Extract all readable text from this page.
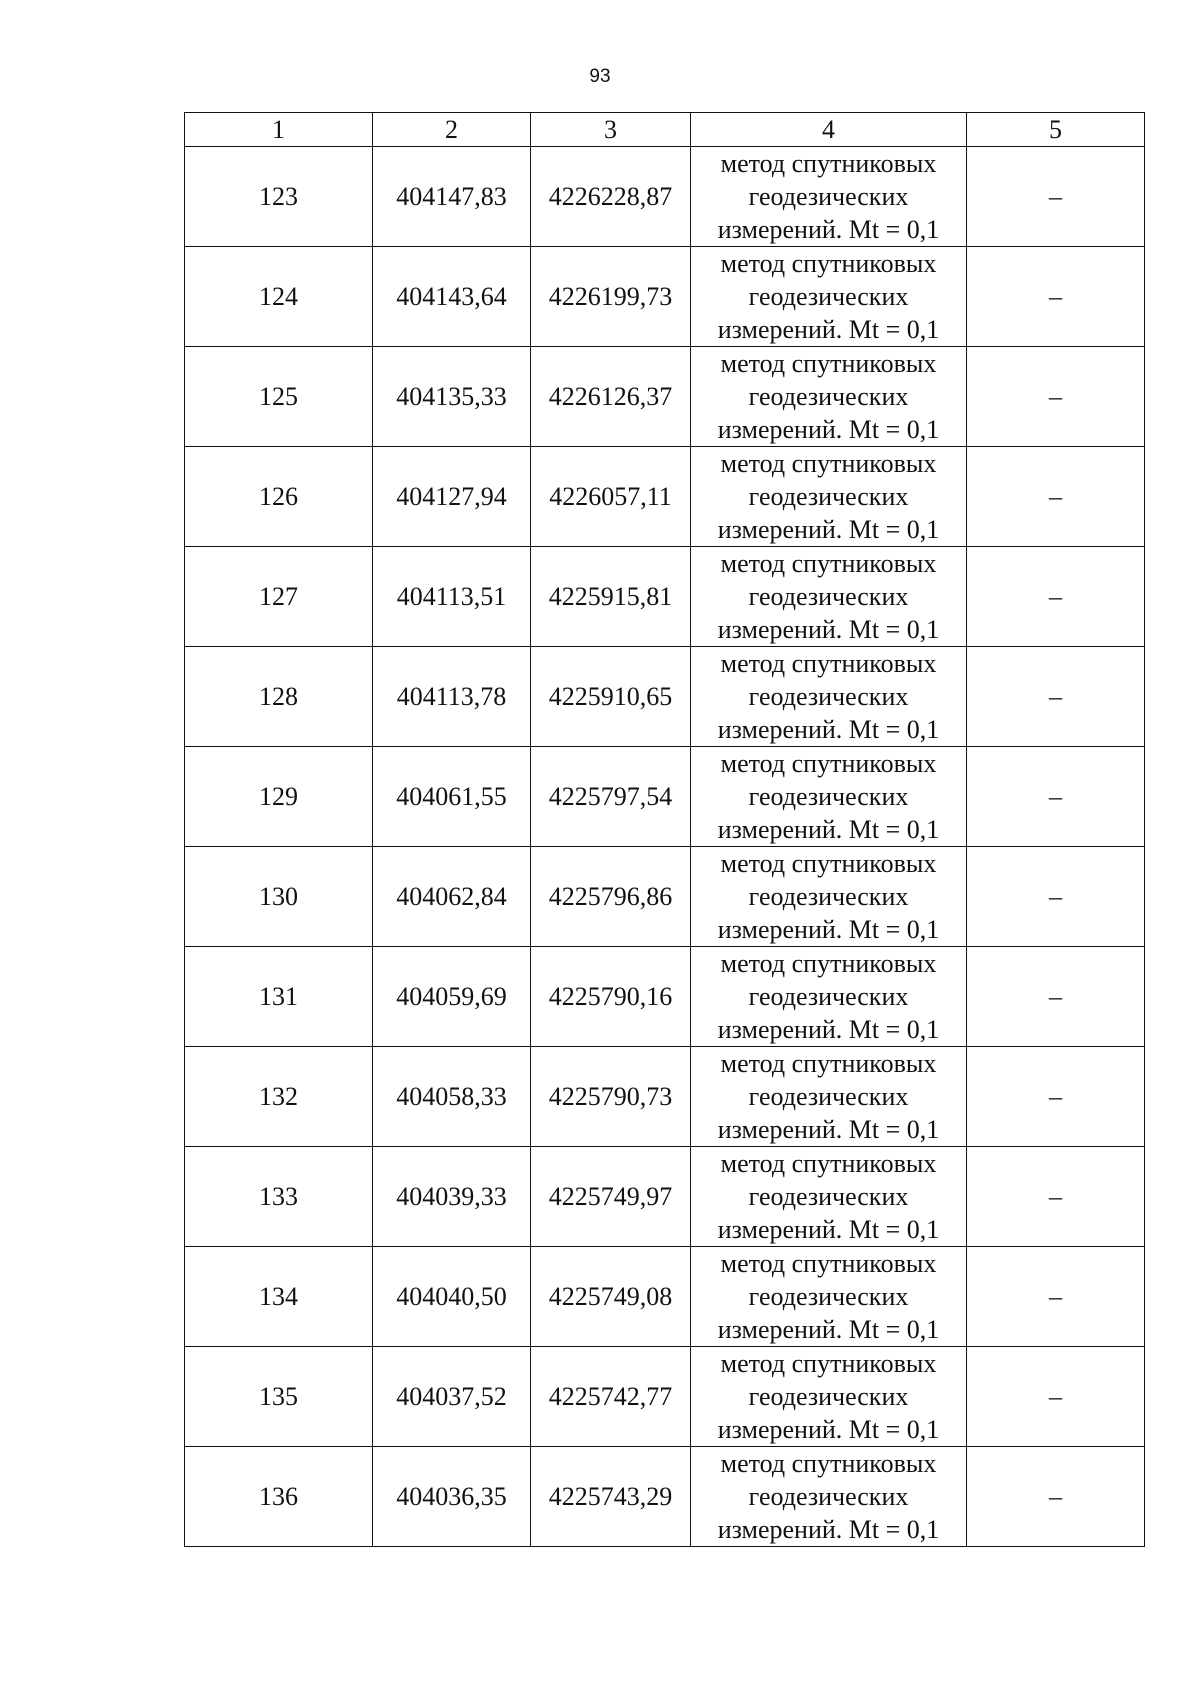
93
1	2	3	4	5
123	404147,83	4226228,87	метод спутниковых
геодезических
измерений. Mt = 0,1	–
124	404143,64	4226199,73	метод спутниковых
геодезических
измерений. Mt = 0,1	–
125	404135,33	4226126,37	метод спутниковых
геодезических
измерений. Mt = 0,1	–
126	404127,94	4226057,11	метод спутниковых
геодезических
измерений. Mt = 0,1	–
127	404113,51	4225915,81	метод спутниковых
геодезических
измерений. Mt = 0,1	–
128	404113,78	4225910,65	метод спутниковых
геодезических
измерений. Mt = 0,1	–
129	404061,55	4225797,54	метод спутниковых
геодезических
измерений. Mt = 0,1	–
130	404062,84	4225796,86	метод спутниковых
геодезических
измерений. Mt = 0,1	–
131	404059,69	4225790,16	метод спутниковых
геодезических
измерений. Mt = 0,1	–
132	404058,33	4225790,73	метод спутниковых
геодезических
измерений. Mt = 0,1	–
133	404039,33	4225749,97	метод спутниковых
геодезических
измерений. Mt = 0,1	–
134	404040,50	4225749,08	метод спутниковых
геодезических
измерений. Mt = 0,1	–
135	404037,52	4225742,77	метод спутниковых
геодезических
измерений. Mt = 0,1	–
136	404036,35	4225743,29	метод спутниковых
геодезических
измерений. Mt = 0,1	–
